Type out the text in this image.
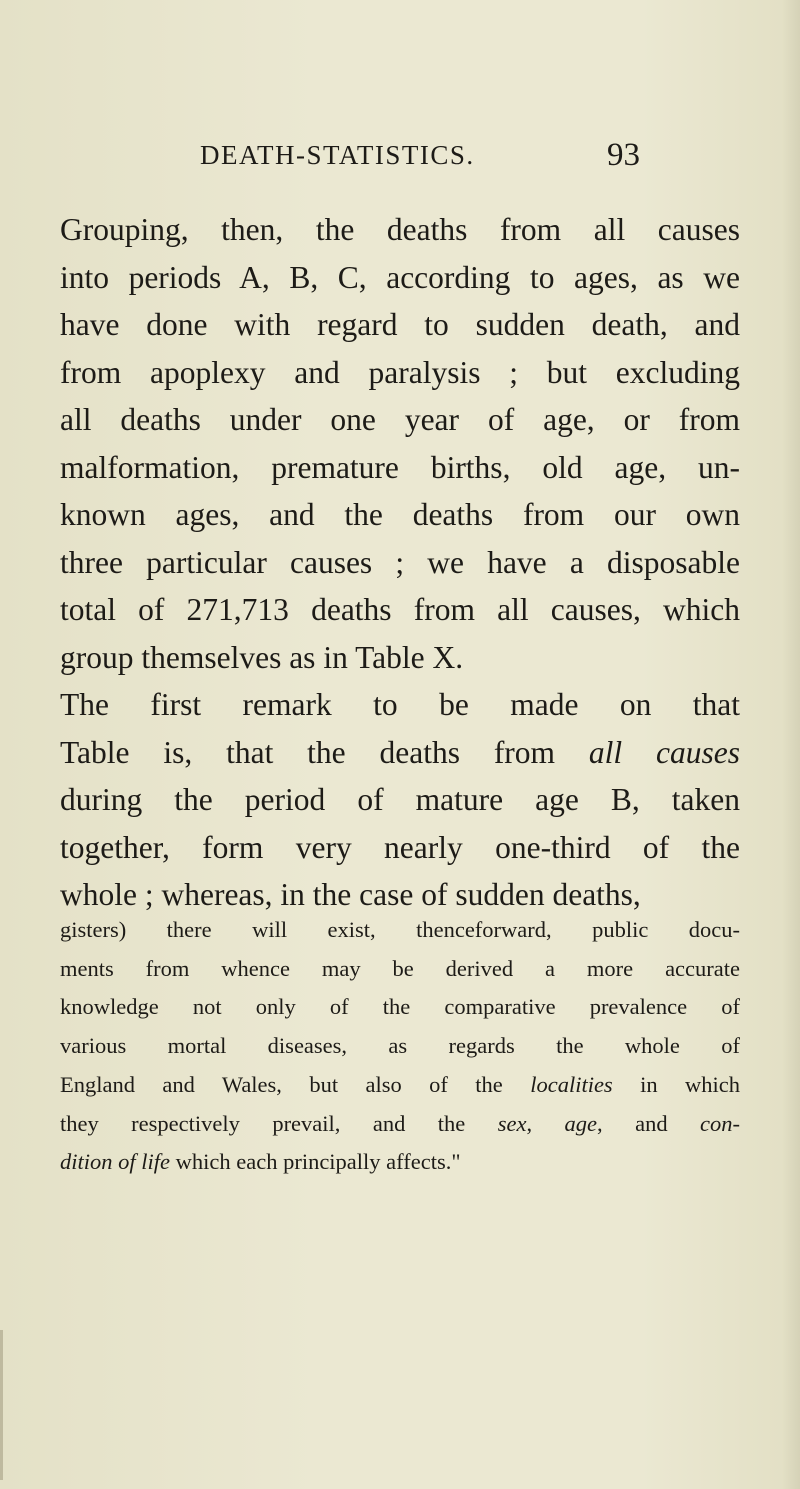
DEATH-STATISTICS.	93
Grouping, then, the deaths from all causes
into periods A, B, C, according to ages, as we
have done with regard to sudden death, and
from apoplexy and paralysis ; but excluding
all deaths under one year of age, or from
malformation, premature births, old age, un-
known ages, and the deaths from our own
three particular causes ; we have a disposable
total of 271,713 deaths from all causes, which
group themselves as in Table X.
The first remark to be made on that
Table is, that the deaths from all causes
during the period of mature age B, taken
together, form very nearly one-third of the
whole ; whereas, in the case of sudden deaths,
gisters) there will exist, thenceforward, public docu-
ments from whence may be derived a more accurate
knowledge not only of the comparative prevalence of
various mortal diseases, as regards the whole of
England and Wales, but also of the localities in which
they respectively prevail, and the sex, age, and con-
dition of life which each principally affects."
